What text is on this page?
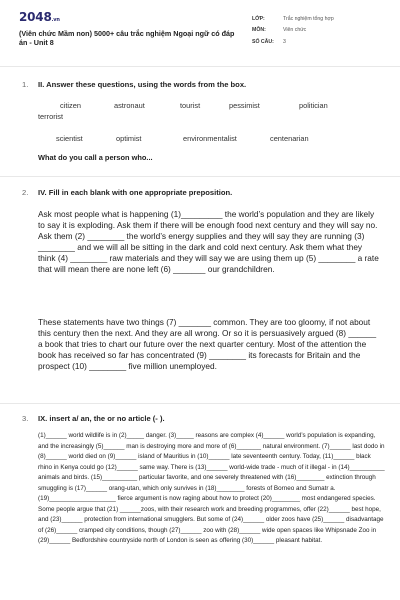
2048.vn
(Viên chức Mầm non) 5000+ câu trắc nghiệm Ngoại ngữ có đáp án - Unit 8
LỚP:	Trắc nghiệm tổng hợp
MÔN:	Viên chức
SỐ CÂU:	3
1. II. Answer these questions, using the words from the box.
citizen	astronaut	tourist	pessimist	politician
terrorist
scientist	optimist	environmentalist	centenarian
What do you call a person who...
2. IV. Fill in each blank with one appropriate preposition.
Ask most people what is happening (1)_________ the world’s population and they are likely to say it is exploding. Ask them if there will be enough food next century and they will say no. Ask them (2) ________ the world’s energy supplies and they will say they are running (3) ________ and we will all be sitting in the dark and cold next century. Ask them what they think (4) ________ raw materials and they will say we are using them up (5) ________ a rate that will mean there are none left (6) _______ our grandchildren.
These statements have two things (7) _______ common. They are too gloomy, if not about this century then the next. And they are all wrong. Or so it is persuasively argued (8) ______ a book that tries to chart our future over the next quarter century. Most of the attention the book has received so far has concentrated (9) ________ its forecasts for Britain and the prospect (10) ________ five million unemployed.
3. IX. insert a/ an, the or no article (- ).
(1)______ world wildlife is in (2)_____ danger. (3)_____ reasons are complex (4)______ world’s population is expanding, and the increasingly (5)______ man is destroying more and more of (6)_______ natural environment. (7)______ last dodo in (8)______ world died on (9)______ island of Mauritius in (10)______ late seventeenth century. Today, (11)______ black rhino in Kenya could go (12)______ same way. There is (13)______ world-wide trade - much of it illegal - in (14)__________ animals and birds. (15)__________ particular favorite, and one severely threatened with (16)________ extinction through smuggling is (17)______ orang-utan, which only survives in (18)________ forests of Borneo and Sumatr a. (19)___________________ fierce argument is now raging about how to protect (20)________ most endangered species. Some people argue that (21) ______zoos, with their research work and breeding programmes, offer (22)______ best hope, and (23)______ protection from international smugglers. But some of (24)______ older zoos have (25)______ disadvantage of (26)______ cramped city conditions, though (27)______ zoo with (28)______ wide open spaces like Whipsnade Zoo in (29)______ Bedfordshire countryside north of London is seen as offering (30)______ pleasant habitat.
